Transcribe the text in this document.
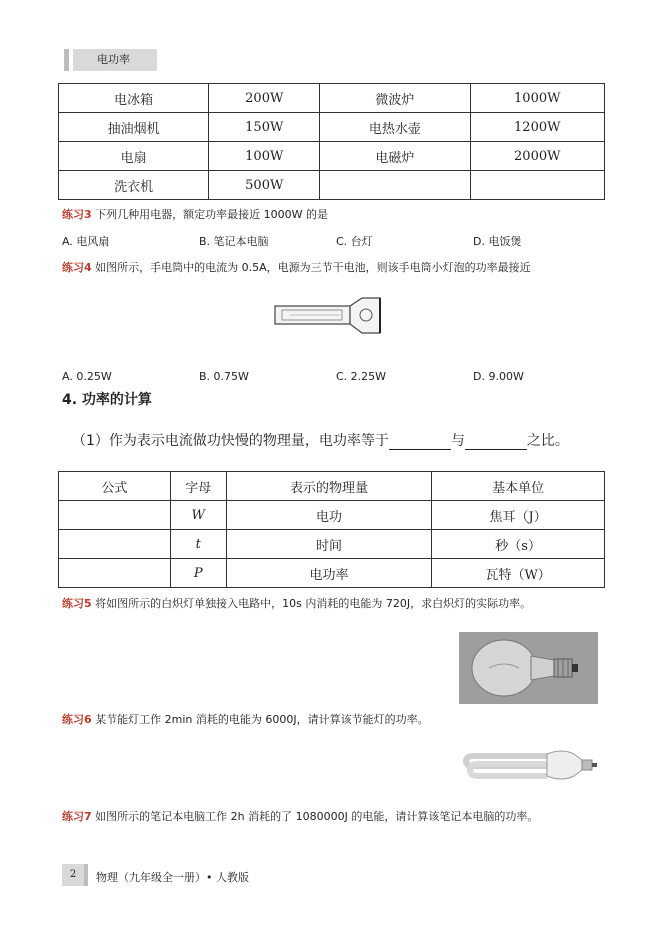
电功率
电冰箱	200W	微波炉	1000W
抽油烟机	150W	电热水壶	1200W
电扇	100W	电磁炉	2000W
洗衣机	500W		
练习3 下列几种用电器，额定功率最接近 1000W 的是
A. 电风扇	B. 笔记本电脑	C. 台灯	D. 电饭煲
练习4 如图所示，手电筒中的电流为 0.5A，电源为三节干电池，则该手电筒小灯泡的功率最接近
A. 0.25W	B. 0.75W	C. 2.25W	D. 9.00W
4. 功率的计算
（1）作为表示电流做功快慢的物理量，电功率等于	与	之比。
公式	字母	表示的物理量	基本单位
	W	电功	焦耳（J）
	t	时间	秒（s）
	P	电功率	瓦特（W）
练习5 将如图所示的白炽灯单独接入电路中，10s 内消耗的电能为 720J，求白炽灯的实际功率。
练习6 某节能灯工作 2min 消耗的电能为 6000J，请计算该节能灯的功率。
练习7 如图所示的笔记本电脑工作 2h 消耗的了 1080000J 的电能，请计算该笔记本电脑的功率。
2	物理（九年级全一册）• 人教版
